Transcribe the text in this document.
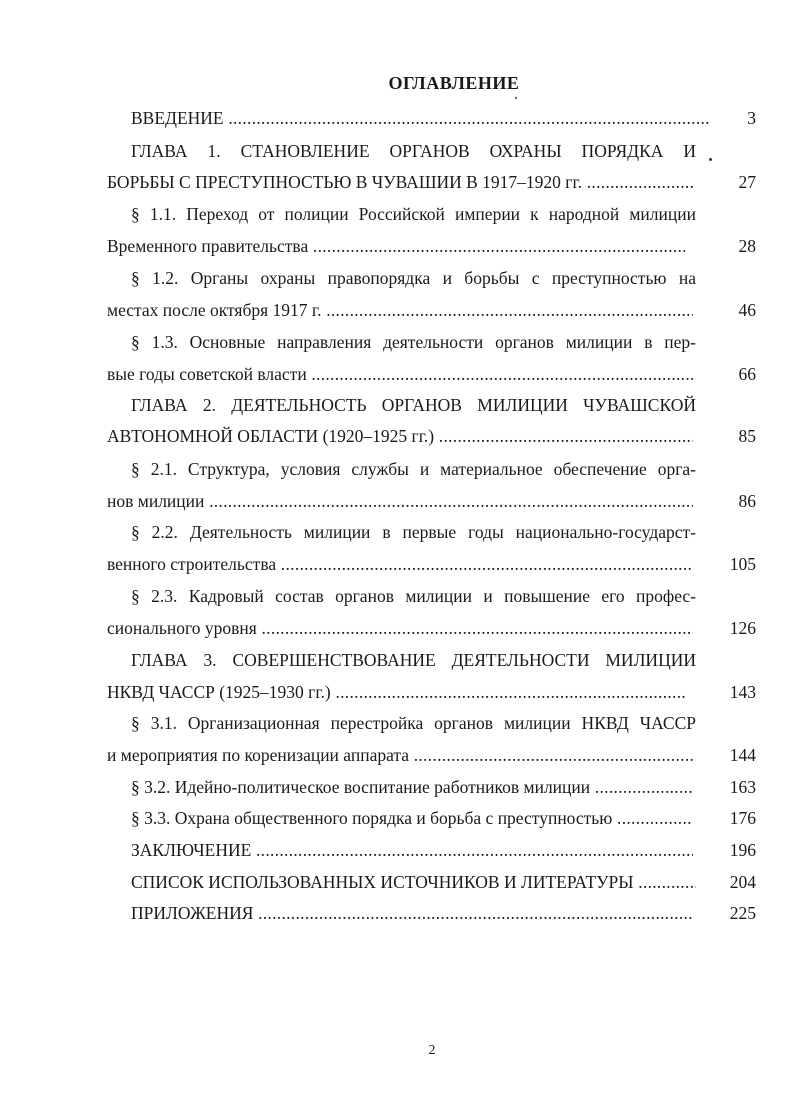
ОГЛАВЛЕНИЕ
ВВЕДЕНИЕ .....	3
ГЛАВА 1. СТАНОВЛЕНИЕ ОРГАНОВ ОХРАНЫ ПОРЯДКА И
БОРЬБЫ С ПРЕСТУПНОСТЬЮ В ЧУВАШИИ В 1917–1920 гг. .....	27
§ 1.1. Переход от полиции Российской империи к народной милиции
Временного правительства .....	28
§ 1.2. Органы охраны правопорядка и борьбы с преступностью на
местах после октября 1917 г. .....	46
§ 1.3. Основные направления деятельности органов милиции в пер-
вые годы советской власти .....	66
ГЛАВА 2. ДЕЯТЕЛЬНОСТЬ ОРГАНОВ МИЛИЦИИ ЧУВАШСКОЙ
АВТОНОМНОЙ ОБЛАСТИ (1920–1925 гг.) .....	85
§ 2.1. Структура, условия службы и материальное обеспечение орга-
нов милиции .....	86
§ 2.2. Деятельность милиции в первые годы национально-государст-
венного строительства .....	105
§ 2.3. Кадровый состав органов милиции и повышение его профес-
сионального уровня .....	126
ГЛАВА 3. СОВЕРШЕНСТВОВАНИЕ ДЕЯТЕЛЬНОСТИ МИЛИЦИИ
НКВД ЧАССР (1925–1930 гг.) .....	143
§ 3.1. Организационная перестройка органов милиции НКВД ЧАССР
и мероприятия по коренизации аппарата .....	144
§ 3.2. Идейно-политическое воспитание работников милиции .....	163
§ 3.3. Охрана общественного порядка и борьба с преступностью .....	176
ЗАКЛЮЧЕНИЕ .....	196
СПИСОК ИСПОЛЬЗОВАННЫХ ИСТОЧНИКОВ И ЛИТЕРАТУРЫ .....	204
ПРИЛОЖЕНИЯ .....	225
2
